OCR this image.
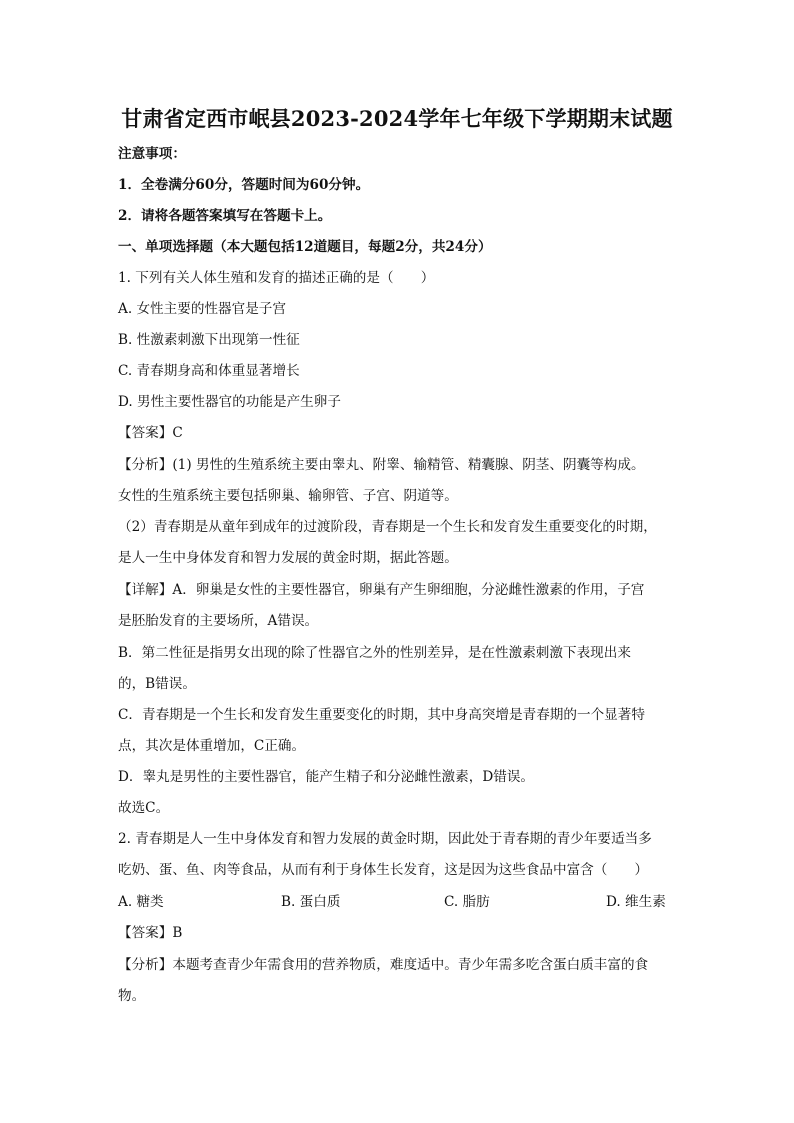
甘肃省定西市岷县2023-2024学年七年级下学期期末试题
注意事项：
1．全卷满分60分，答题时间为60分钟。
2．请将各题答案填写在答题卡上。
一、单项选择题（本大题包括12道题目，每题2分，共24分）
1. 下列有关人体生殖和发育的描述正确的是（　　）
A. 女性主要的性器官是子宫
B. 性激素刺激下出现第一性征
C. 青春期身高和体重显著增长
D. 男性主要性器官的功能是产生卵子
【答案】C
【分析】(1) 男性的生殖系统主要由睾丸、附睾、输精管、精囊腺、阴茎、阴囊等构成。
女性的生殖系统主要包括卵巢、输卵管、子宫、阴道等。
（2）青春期是从童年到成年的过渡阶段，青春期是一个生长和发育发生重要变化的时期，
是人一生中身体发育和智力发展的黄金时期，据此答题。
【详解】A．卵巢是女性的主要性器官，卵巢有产生卵细胞，分泌雌性激素的作用，子宫
是胚胎发育的主要场所，A错误。
B．第二性征是指男女出现的除了性器官之外的性别差异，是在性激素刺激下表现出来
的，B错误。
C．青春期是一个生长和发育发生重要变化的时期，其中身高突增是青春期的一个显著特
点，其次是体重增加，C正确。
D．睾丸是男性的主要性器官，能产生精子和分泌雌性激素，D错误。
故选C。
2. 青春期是人一生中身体发育和智力发展的黄金时期，因此处于青春期的青少年要适当多
吃奶、蛋、鱼、肉等食品，从而有利于身体生长发育，这是因为这些食品中富含（　　）
A. 糖类	B. 蛋白质	C. 脂肪	D. 维生素
【答案】B
【分析】本题考查青少年需食用的营养物质，难度适中。青少年需多吃含蛋白质丰富的食
物。
